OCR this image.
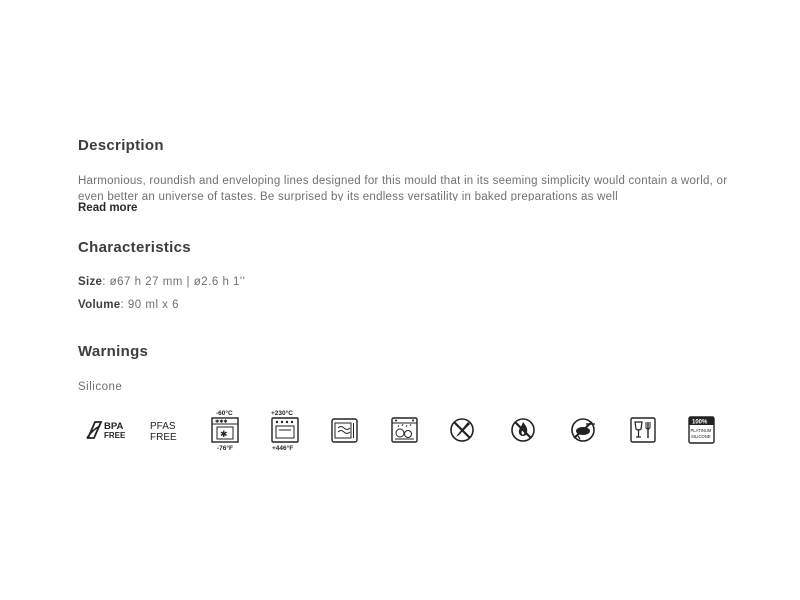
Description
Harmonious, roundish and enveloping lines designed for this mould that in its seeming simplicity would contain a world, or even better an universe of tastes. Be surprised by its endless versatility in baked preparations as well
Read more
Characteristics
Size: ø67 h 27 mm | ø2.6 h 1''
Volume: 90 ml x 6
Warnings
Silicone
BPA
FREE
PFAS
FREE
-60°C
✱✱✱
✱
-76°F
+230°C
+446°F
100%
PLATINUM
SILICONE
